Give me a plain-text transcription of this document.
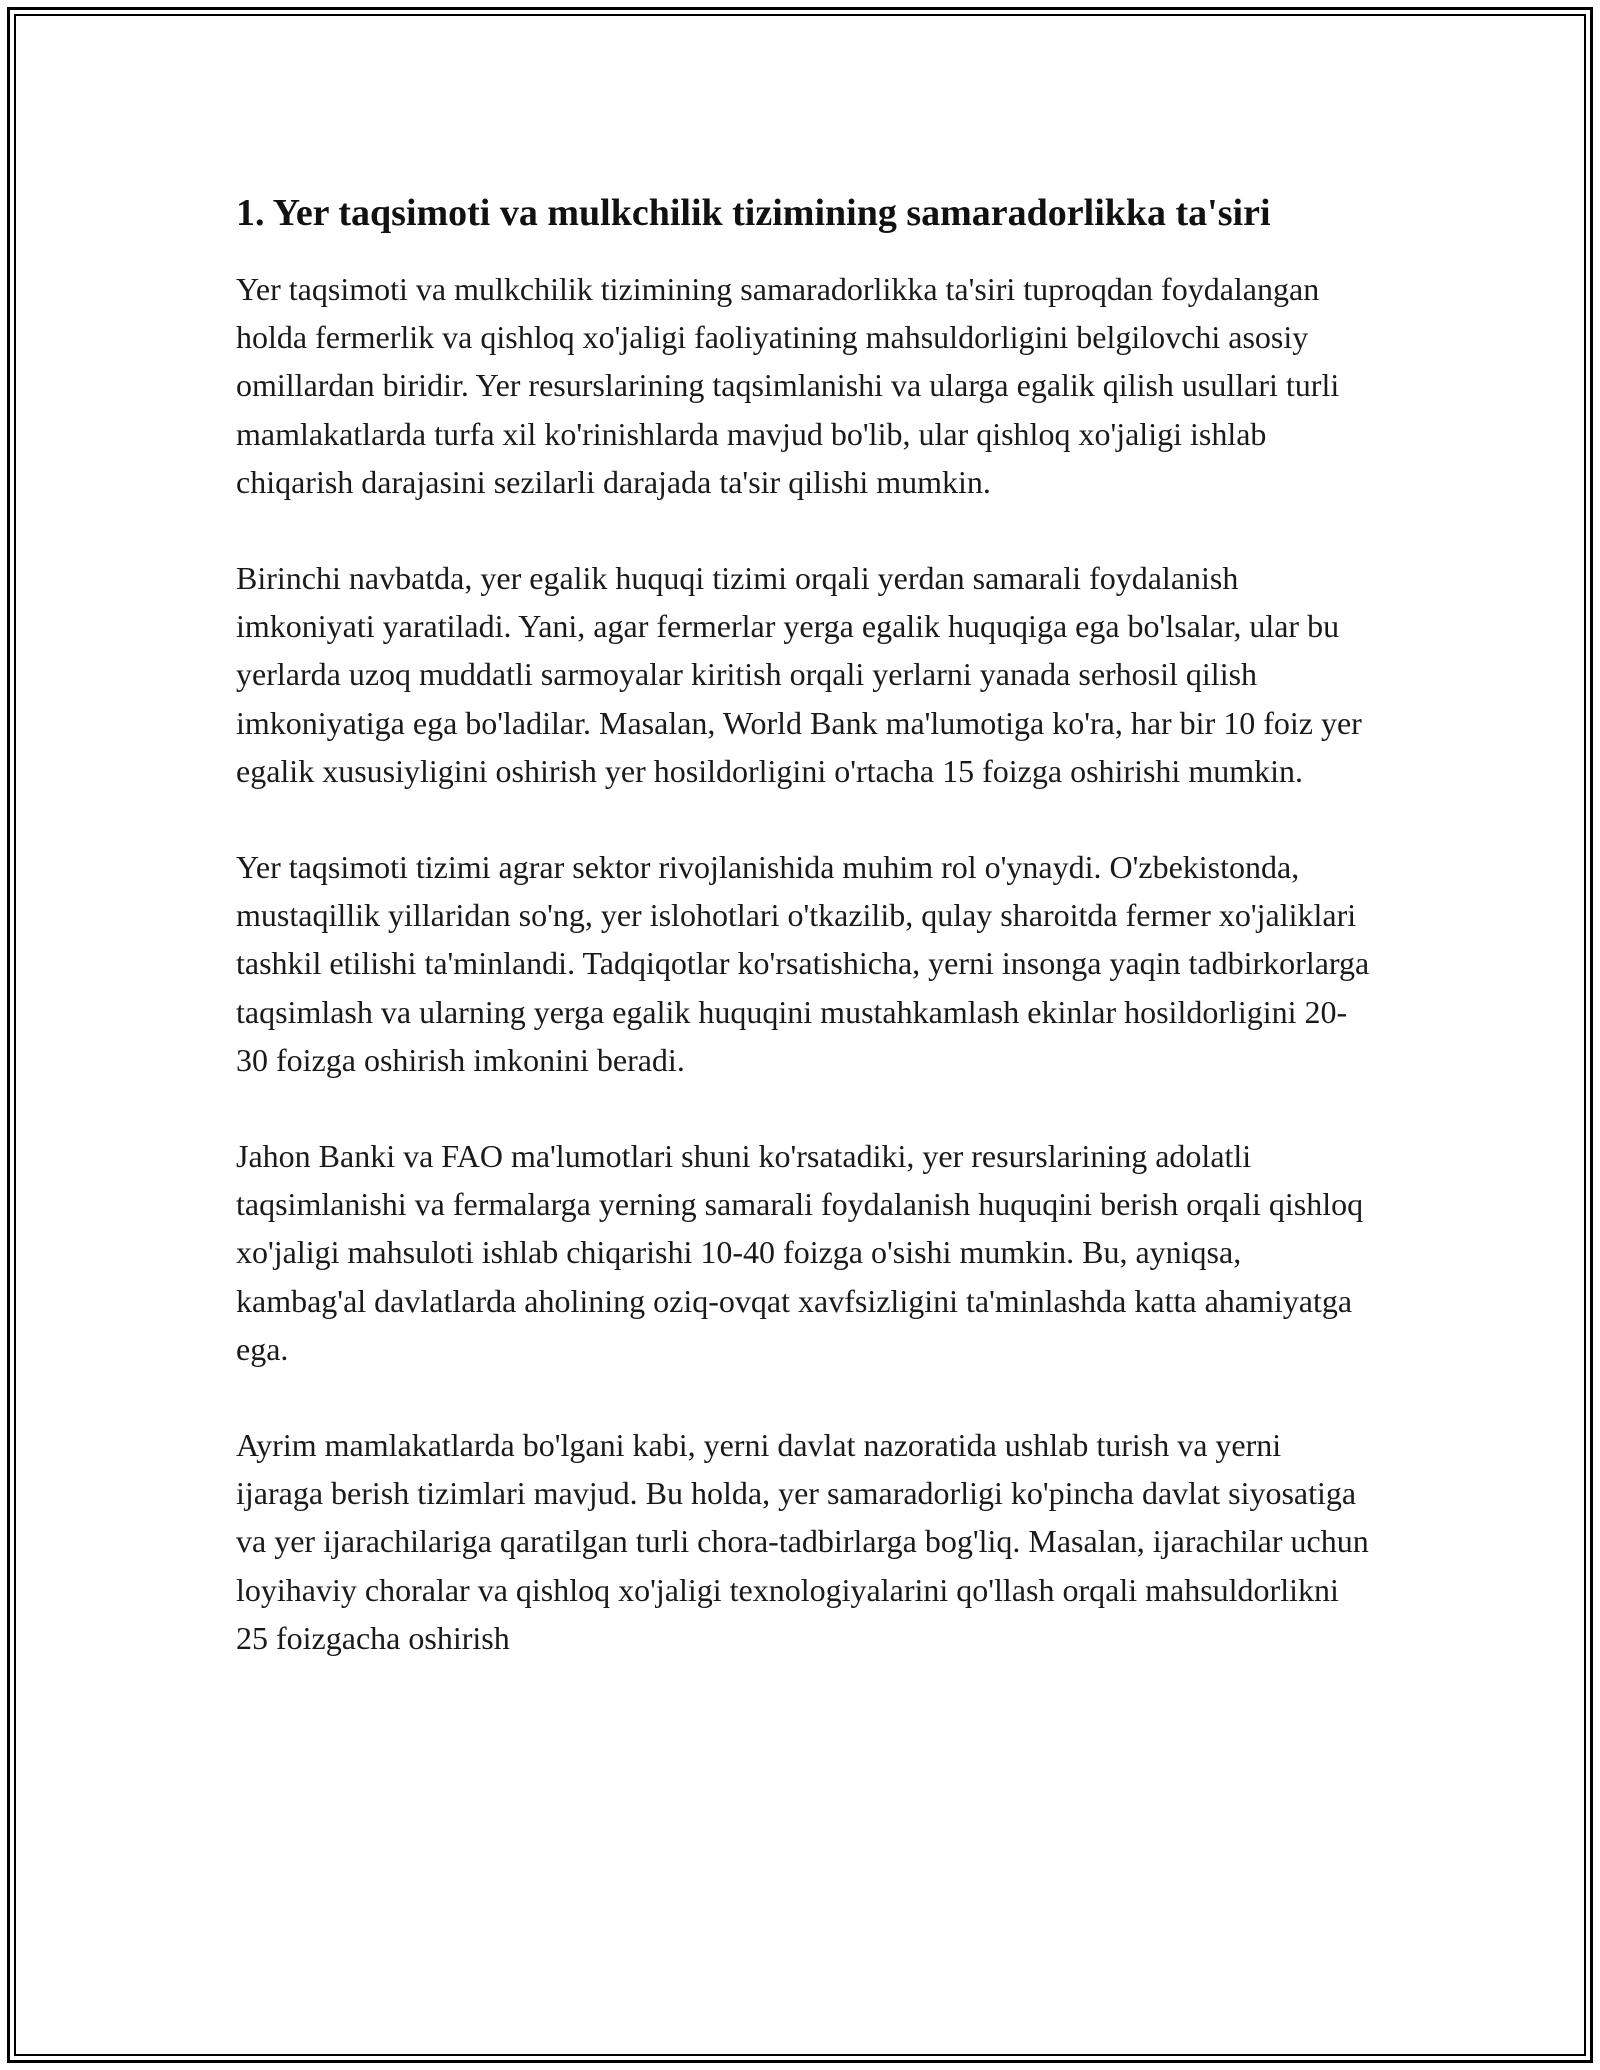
1. Yer taqsimoti va mulkchilik tizimining samaradorlikka ta'siri

Yer taqsimoti va mulkchilik tizimining samaradorlikka ta'siri tuproqdan foydalangan holda fermerlik va qishloq xo'jaligi faoliyatining mahsuldorligini belgilovchi asosiy omillardan biridir. Yer resurslarining taqsimlanishi va ularga egalik qilish usullari turli mamlakatlarda turfa xil ko'rinishlarda mavjud bo'lib, ular qishloq xo'jaligi ishlab chiqarish darajasini sezilarli darajada ta'sir qilishi mumkin.

Birinchi navbatda, yer egalik huquqi tizimi orqali yerdan samarali foydalanish imkoniyati yaratiladi. Yani, agar fermerlar yerga egalik huquqiga ega bo'lsalar, ular bu yerlarda uzoq muddatli sarmoyalar kiritish orqali yerlarni yanada serhosil qilish imkoniyatiga ega bo'ladilar. Masalan, World Bank ma'lumotiga ko'ra, har bir 10 foiz yer egalik xususiyligini oshirish yer hosildorligini o'rtacha 15 foizga oshirishi mumkin.

Yer taqsimoti tizimi agrar sektor rivojlanishida muhim rol o'ynaydi. O'zbekistonda, mustaqillik yillaridan so'ng, yer islohotlari o'tkazilib, qulay sharoitda fermer xo'jaliklari tashkil etilishi ta'minlandi. Tadqiqotlar ko'rsatishicha, yerni insonga yaqin tadbirkorlarga taqsimlash va ularning yerga egalik huquqini mustahkamlash ekinlar hosildorligini 20-30 foizga oshirish imkonini beradi.

Jahon Banki va FAO ma'lumotlari shuni ko'rsatadiki, yer resurslarining adolatli taqsimlanishi va fermalarga yerning samarali foydalanish huquqini berish orqali qishloq xo'jaligi mahsuloti ishlab chiqarishi 10-40 foizga o'sishi mumkin. Bu, ayniqsa, kambag'al davlatlarda aholining oziq-ovqat xavfsizligini ta'minlashda katta ahamiyatga ega.

Ayrim mamlakatlarda bo'lgani kabi, yerni davlat nazoratida ushlab turish va yerni ijaraga berish tizimlari mavjud. Bu holda, yer samaradorligi ko'pincha davlat siyosatiga va yer ijarachilariga qaratilgan turli chora-tadbirlarga bog'liq. Masalan, ijarachilar uchun loyihaviy choralar va qishloq xo'jaligi texnologiyalarini qo'llash orqali mahsuldorlikni 25 foizgacha oshirish
